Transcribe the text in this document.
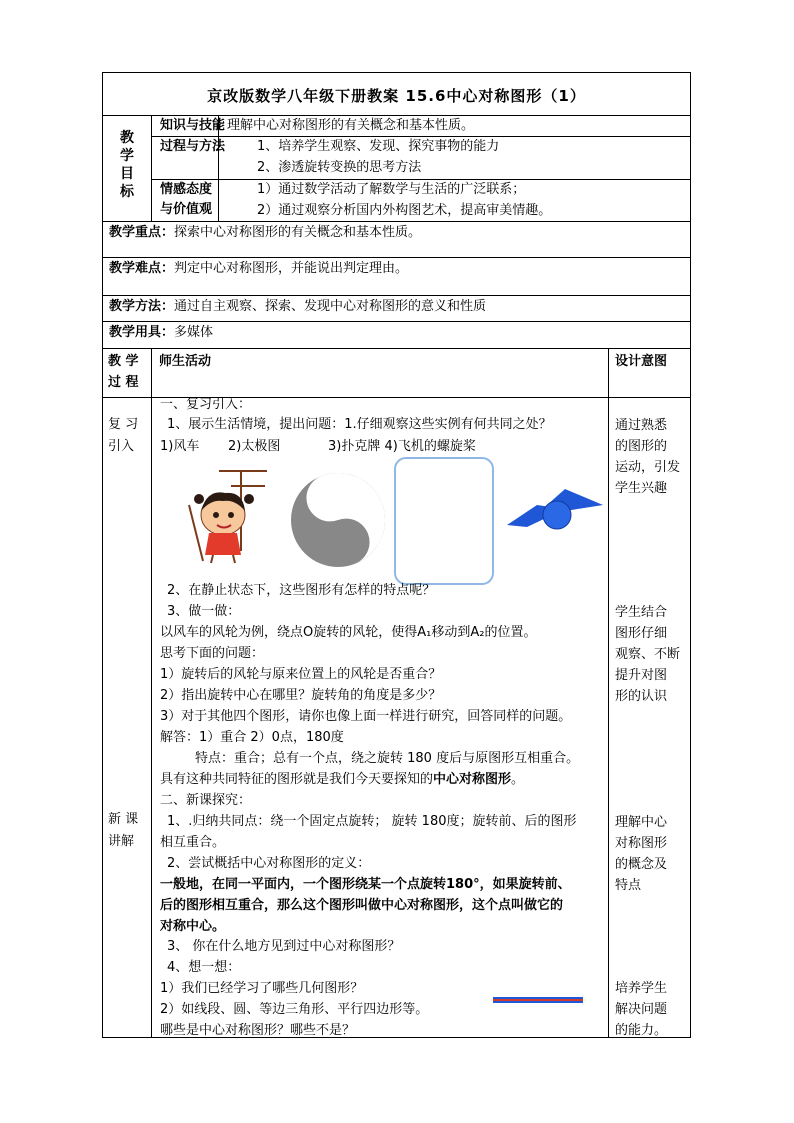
京改版数学八年级下册教案 15.6中心对称图形（1）
教
学
目
标
知识与技能 理解中心对称图形的有关概念和基本性质。
过程与方法 1、培养学生观察、发现、探究事物的能力
2、渗透旋转变换的思考方法
情感态度
与价值观
1）通过数学活动了解数学与生活的广泛联系；
2）通过观察分析国内外构图艺术，提高审美情趣。
教学重点：探索中心对称图形的有关概念和基本性质。
教学难点：判定中心对称图形，并能说出判定理由。
教学方法：通过自主观察、探索、发现中心对称图形的意义和性质
教学用具：多媒体
教 学
过 程
师生活动	设计意图
复 习
引入
新 课
讲解
一、复习引入：
1、展示生活情境，提出问题：1.仔细观察这些实例有何共同之处？
1)风车 2)太极图	3)扑克牌 4)飞机的螺旋桨
2、在静止状态下，这些图形有怎样的特点呢？
3、做一做：
以风车的风轮为例，绕点O旋转的风轮，使得A₁移动到A₂的位置。
思考下面的问题：
1）旋转后的风轮与原来位置上的风轮是否重合？
2）指出旋转中心在哪里？旋转角的角度是多少？
3）对于其他四个图形，请你也像上面一样进行研究，回答同样的问题。
解答：1）重合 2）0点，180度
特点：重合；总有一个点，绕之旋转 180 度后与原图形互相重合。
具有这种共同特征的图形就是我们今天要探知的中心对称图形。
二、新课探究：
1、.归纳共同点：绕一个固定点旋转； 旋转 180度；旋转前、后的图形
相互重合。
2、尝试概括中心对称图形的定义：
一般地，在同一平面内，一个图形绕某一个点旋转180°，如果旋转前、
后的图形相互重合，那么这个图形叫做中心对称图形，这个点叫做它的
对称中心。
3、 你在什么地方见到过中心对称图形？
4、想一想：
1）我们已经学习了哪些几何图形？
2）如线段、圆、等边三角形、平行四边形等。
哪些是中心对称图形？哪些不是？
通过熟悉
的图形的
运动，引发
学生兴趣
学生结合
图形仔细
观察、不断
提升对图
形的认识
理解中心
对称图形
的概念及
特点
培养学生
解决问题
的能力。
